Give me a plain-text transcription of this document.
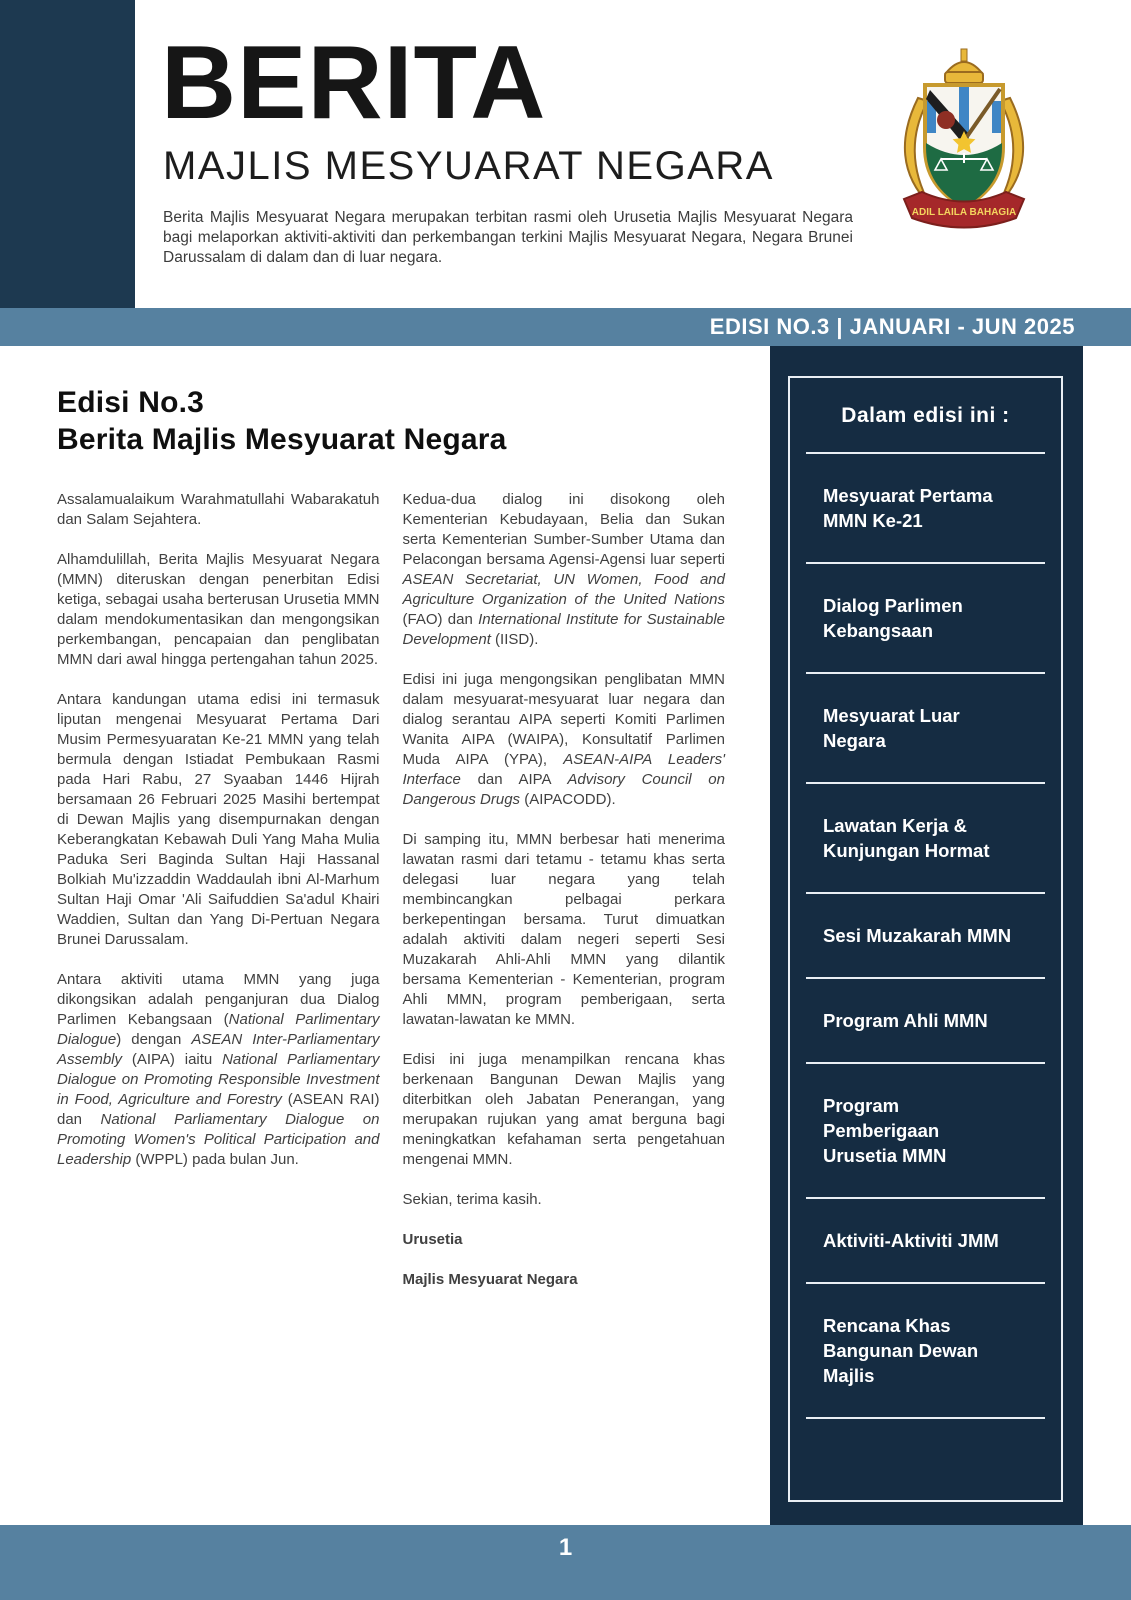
BERITA
MAJLIS MESYUARAT NEGARA

Berita Majlis Mesyuarat Negara merupakan terbitan rasmi oleh Urusetia Majlis Mesyuarat Negara bagi melaporkan aktiviti-aktiviti dan perkembangan terkini Majlis Mesyuarat Negara, Negara Brunei Darussalam di dalam dan di luar negara.

ADIL LAILA BAHAGIA
EDISI NO.3 | JANUARI - JUN 2025
Edisi No.3
Berita Majlis Mesyuarat Negara

Assalamualaikum Warahmatullahi Wabarakatuh dan Salam Sejahtera.

Alhamdulillah, Berita Majlis Mesyuarat Negara (MMN) diteruskan dengan penerbitan Edisi ketiga, sebagai usaha berterusan Urusetia MMN dalam mendokumentasikan dan mengongsikan perkembangan, pencapaian dan penglibatan MMN dari awal hingga pertengahan tahun 2025.

Antara kandungan utama edisi ini termasuk liputan mengenai Mesyuarat Pertama Dari Musim Permesyuaratan Ke-21 MMN yang telah bermula dengan Istiadat Pembukaan Rasmi pada Hari Rabu, 27 Syaaban 1446 Hijrah bersamaan 26 Februari 2025 Masihi bertempat di Dewan Majlis yang disempurnakan dengan Keberangkatan Kebawah Duli Yang Maha Mulia Paduka Seri Baginda Sultan Haji Hassanal Bolkiah Mu'izzaddin Waddaulah ibni Al-Marhum Sultan Haji Omar 'Ali Saifuddien Sa'adul Khairi Waddien, Sultan dan Yang Di-Pertuan Negara Brunei Darussalam.

Antara aktiviti utama MMN yang juga dikongsikan adalah penganjuran dua Dialog Parlimen Kebangsaan (National Parlimentary Dialogue) dengan ASEAN Inter-Parliamentary Assembly (AIPA) iaitu National Parliamentary Dialogue on Promoting Responsible Investment in Food, Agriculture and Forestry (ASEAN RAI) dan National Parliamentary Dialogue on Promoting Women's Political Participation and Leadership (WPPL) pada bulan Jun.

Kedua-dua dialog ini disokong oleh Kementerian Kebudayaan, Belia dan Sukan serta Kementerian Sumber-Sumber Utama dan Pelacongan bersama Agensi-Agensi luar seperti ASEAN Secretariat, UN Women, Food and Agriculture Organization of the United Nations (FAO) dan International Institute for Sustainable Development (IISD).

Edisi ini juga mengongsikan penglibatan MMN dalam mesyuarat-mesyuarat luar negara dan dialog serantau AIPA seperti Komiti Parlimen Wanita AIPA (WAIPA), Konsultatif Parlimen Muda AIPA (YPA), ASEAN-AIPA Leaders' Interface dan AIPA Advisory Council on Dangerous Drugs (AIPACODD).

Di samping itu, MMN berbesar hati menerima lawatan rasmi dari tetamu - tetamu khas serta delegasi luar negara yang telah membincangkan pelbagai perkara berkepentingan bersama. Turut dimuatkan adalah aktiviti dalam negeri seperti Sesi Muzakarah Ahli-Ahli MMN yang dilantik bersama Kementerian - Kementerian, program Ahli MMN, program pemberigaan, serta lawatan-lawatan ke MMN.

Edisi ini juga menampilkan rencana khas berkenaan Bangunan Dewan Majlis yang diterbitkan oleh Jabatan Penerangan, yang merupakan rujukan yang amat berguna bagi meningkatkan kefahaman serta pengetahuan mengenai MMN.

Sekian, terima kasih.

Urusetia

Majlis Mesyuarat Negara

Dalam edisi ini :
Mesyuarat Pertama MMN Ke-21
Dialog Parlimen Kebangsaan
Mesyuarat Luar Negara
Lawatan Kerja & Kunjungan Hormat
Sesi Muzakarah MMN
Program Ahli MMN
Program Pemberigaan Urusetia MMN
Aktiviti-Aktiviti JMM
Rencana Khas Bangunan Dewan Majlis
1
